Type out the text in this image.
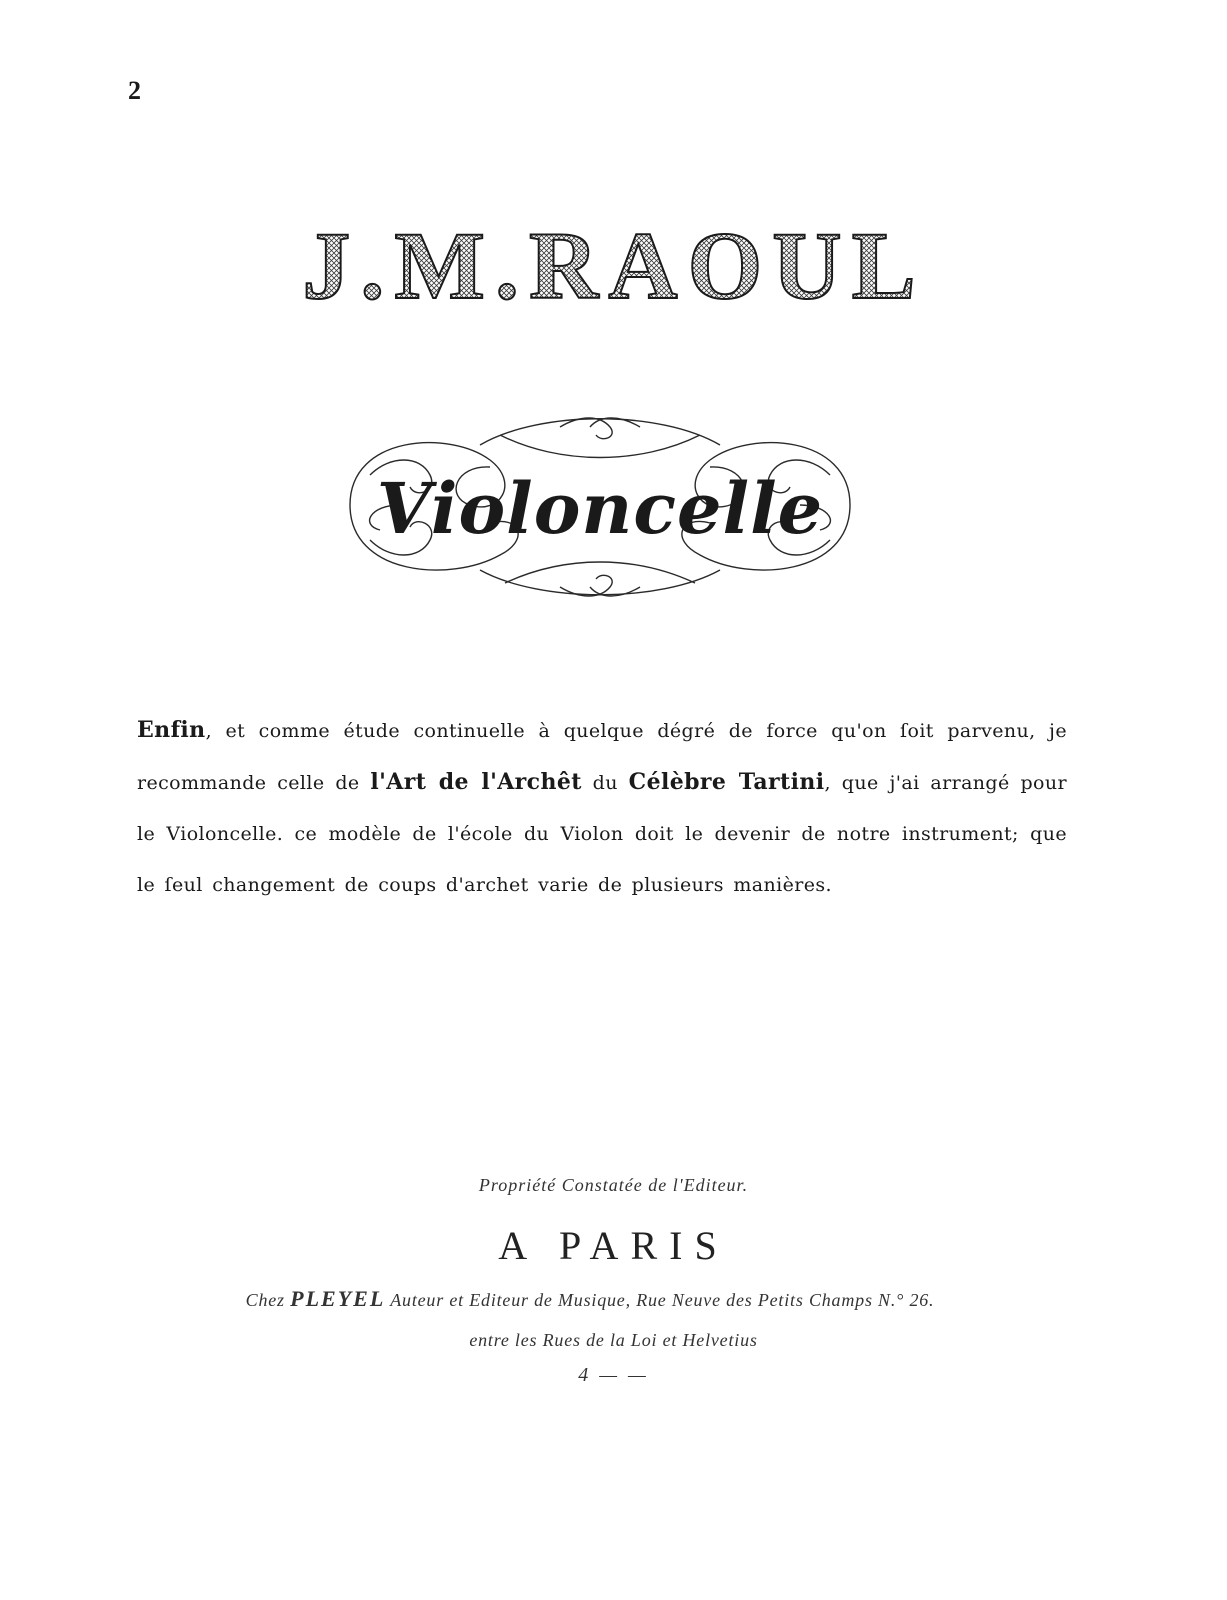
2
J.M.RAOUL
Violoncelle
Enfin, et comme étude continuelle à quelque dégré de force qu'on ſoit parvenu, je recommande celle de l'Art de l'Archêt du Célèbre Tartini, que j'ai arrangé pour le Violoncelle. ce modèle de l'école du Violon doit le devenir de notre instrument; que le ſeul changement de coups d'archet varie de plusieurs manières.
Propriété Constatée de l'Editeur.
A PARIS
Chez PLEYEL Auteur et Editeur de Musique, Rue Neuve des Petits Champs N.° 26.
entre les Rues de la Loi et Helvetius
4 — —
